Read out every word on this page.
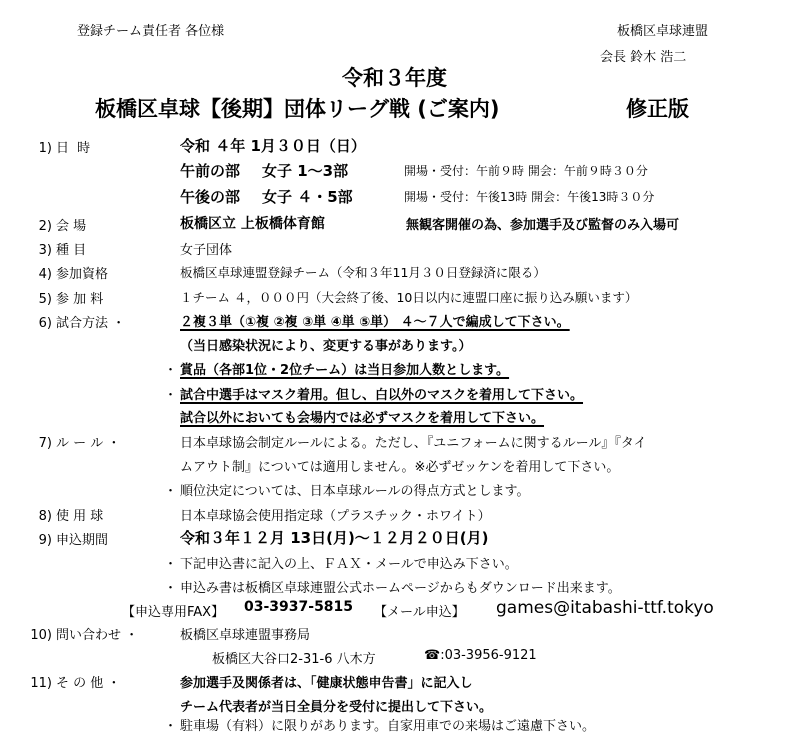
登録チーム責任者 各位様	板橋区卓球連盟
会長 鈴木 浩二
令和３年度
板橋区卓球【後期】団体リーグ戦 (ご案内)	修正版
1) 日 時	令和 ４年 1月３０日（日）
午前の部 女子 1～3部	開場・受付：午前９時 開会：午前９時３０分
午後の部 女子 ４・5部	開場・受付：午後13時 開会：午後13時３０分
2) 会 場	板橋区立 上板橋体育館	無観客開催の為、参加選手及び監督のみ入場可
3) 種 目	女子団体
4) 参加資格	板橋区卓球連盟登録チーム（令和３年11月３０日登録済に限る）
5) 参 加 料	１チーム ４，０００円（大会終了後、10日以内に連盟口座に振り込み願います）
6) 試合方法 ・	２複３単（①複 ②複 ③単 ④単 ⑤単） ４～７人で編成して下さい。
（当日感染状況により、変更する事があります。）
・ 賞品（各部1位・2位チーム）は当日参加人数とします。
・ 試合中選手はマスク着用。但し、白以外のマスクを着用して下さい。
試合以外においても会場内では必ずマスクを着用して下さい。
7) ル ー ル ・	日本卓球協会制定ルールによる。ただし、『ユニフォームに関するルール』『タイ
ムアウト制』については適用しません。※必ずゼッケンを着用して下さい。
・ 順位決定については、日本卓球ルールの得点方式とします。
8) 使 用 球	日本卓球協会使用指定球（プラスチック・ホワイト）
9) 申込期間	令和３年１２月 13日(月)～１２月２０日(月)
・ 下記申込書に記入の上、ＦＡＸ・メールで申込み下さい。
・ 申込み書は板橋区卓球連盟公式ホームページからもダウンロード出来ます。
【申込専用FAX】 03-3937-5815 【メール申込】 games@itabashi-ttf.tokyo
10) 問い合わせ ・	板橋区卓球連盟事務局
板橋区大谷口2-31-6 八木方	☎:03-3956-9121
11) そ の 他 ・	参加選手及関係者は、「健康状態申告書」に記入し
チーム代表者が当日全員分を受付に提出して下さい。
・ 駐車場（有料）に限りがあります。自家用車での来場はご遠慮下さい。
